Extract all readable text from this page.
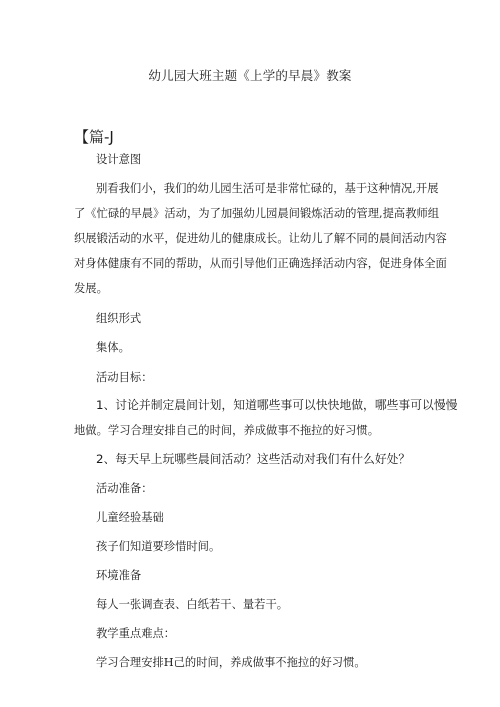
幼儿园大班主题《上学的早晨》教案
【篇-J
设计意图
别看我们小，我们的幼儿园生活可是非常忙碌的，基于这种情况,开展
了《忙碌的早晨》活动，为了加强幼儿园晨间锻炼活动的管理,提高教师组
织展锻活动的水平，促进幼儿的健康成长。让幼儿了解不同的晨间活动内容
对身体健康有不同的帮助，从而引导他们正确选择活动内容，促进身体全面
发展。
组织形式
集体。
活动目标：
1、讨论并制定晨间计划，知道哪些事可以快快地做，哪些事可以慢慢
地做。学习合理安排自己的时间，养成做事不拖拉的好习惯。
2、每天早上玩哪些晨间活动？这些活动对我们有什么好处？
活动准备：
儿童经验基础
孩子们知道要珍惜时间。
环境准备
每人一张调查表、白纸若干、量若干。
教学重点难点：
学习合理安排H己的时间，养成做事不拖拉的好习惯。
